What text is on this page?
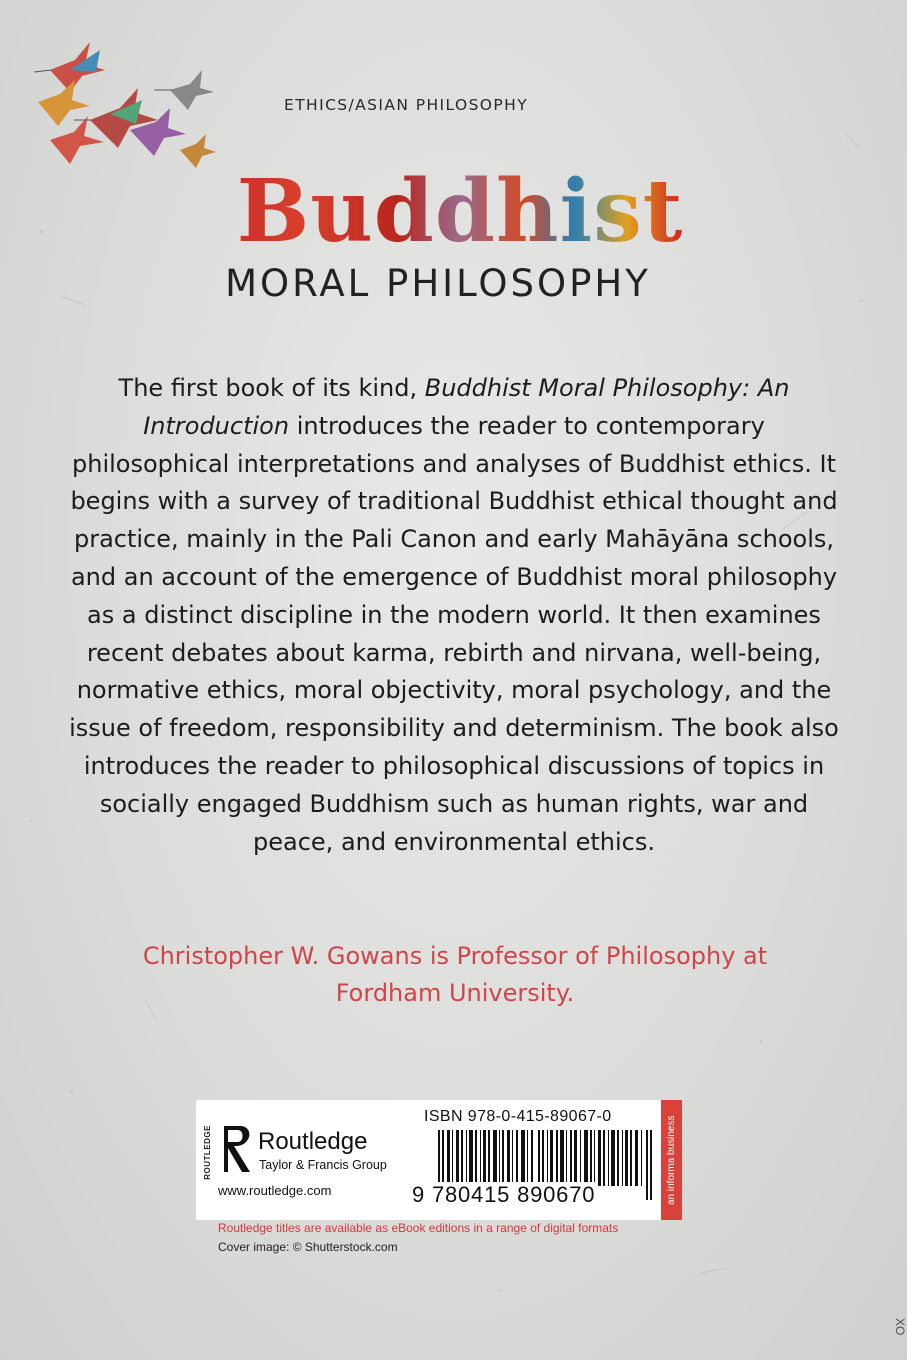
ETHICS/ASIAN PHILOSOPHY
Buddhist
MORAL PHILOSOPHY
The first book of its kind, Buddhist Moral Philosophy: An Introduction introduces the reader to contemporary philosophical interpretations and analyses of Buddhist ethics. It begins with a survey of traditional Buddhist ethical thought and practice, mainly in the Pali Canon and early Mahāyāna schools, and an account of the emergence of Buddhist moral philosophy as a distinct discipline in the modern world. It then examines recent debates about karma, rebirth and nirvana, well-being, normative ethics, moral objectivity, moral psychology, and the issue of freedom, responsibility and determinism. The book also introduces the reader to philosophical discussions of topics in socially engaged Buddhism such as human rights, war and peace, and environmental ethics.
Christopher W. Gowans is Professor of Philosophy at Fordham University.
ROUTLEDGE Routledge
Taylor & Francis Group
www.routledge.com
ISBN 978-0-415-89067-0
9 780415 890670	an informa business
Routledge titles are available as eBook editions in a range of digital formats
Cover image: © Shutterstock.com
XO
